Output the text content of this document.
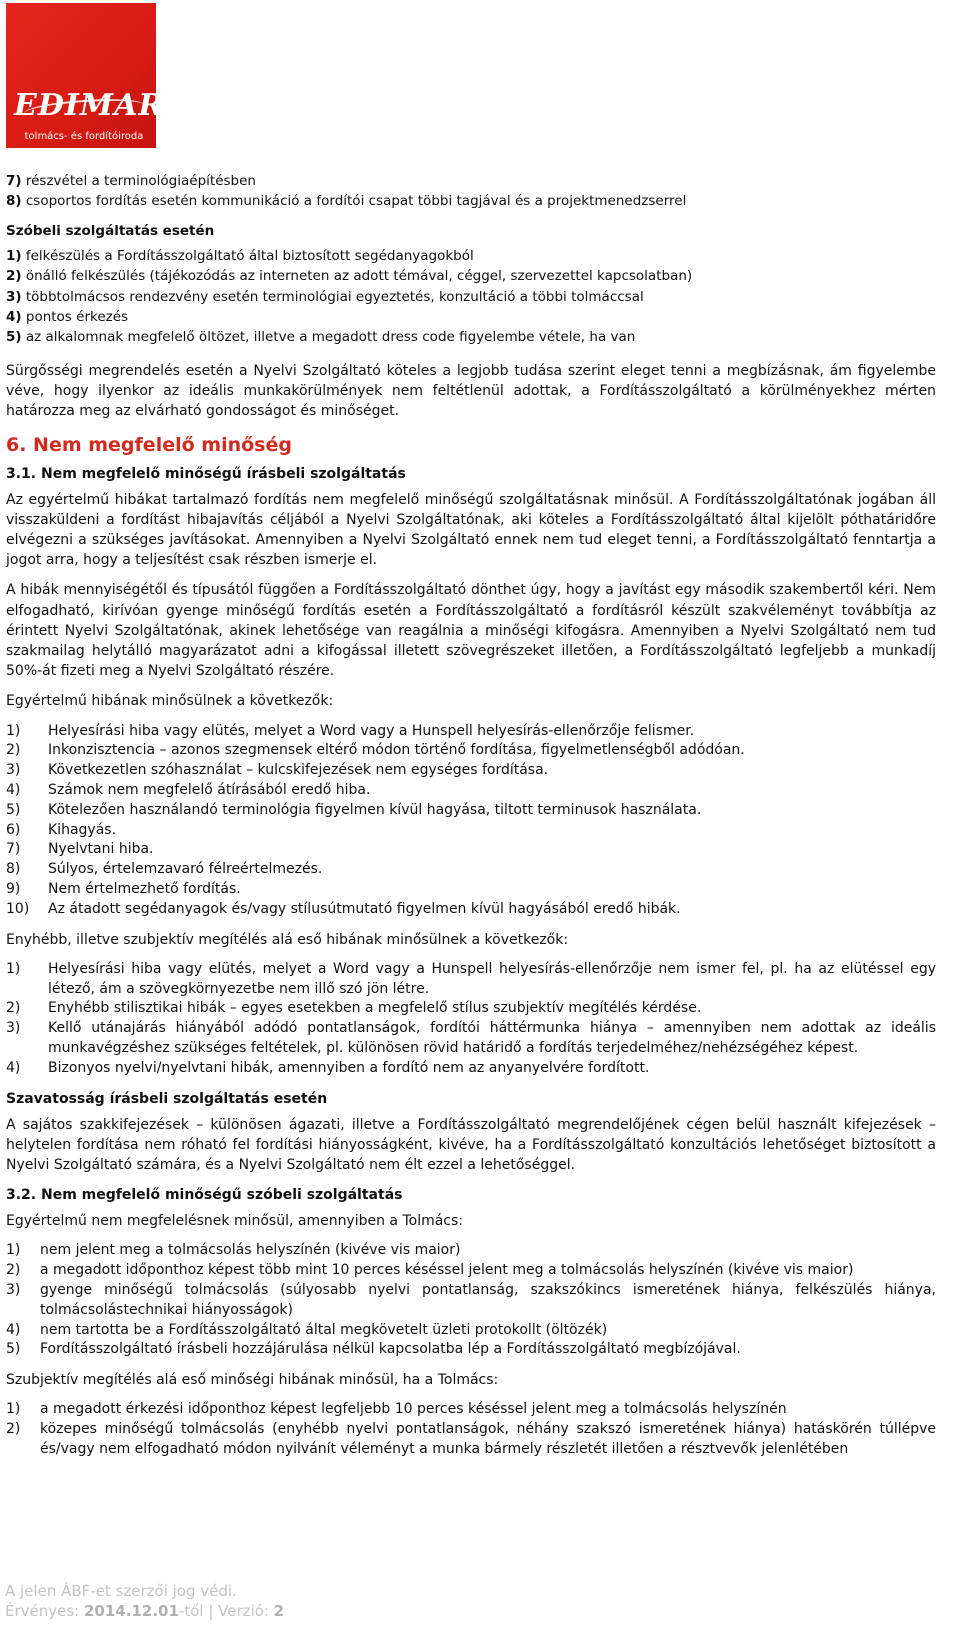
EDIMART
tolmács- és fordítóiroda

7) részvétel a terminológiaépítésben

8) csoportos fordítás esetén kommunikáció a fordítói csapat többi tagjával és a projektmenedzserrel

Szóbeli szolgáltatás esetén

1) felkészülés a Fordításszolgáltató által biztosított segédanyagokból

2) önálló felkészülés (tájékozódás az interneten az adott témával, céggel, szervezettel kapcsolatban)

3) többtolmácsos rendezvény esetén terminológiai egyeztetés, konzultáció a többi tolmáccsal

4) pontos érkezés

5) az alkalomnak megfelelő öltözet, illetve a megadott dress code figyelembe vétele, ha van

Sürgősségi megrendelés esetén a Nyelvi Szolgáltató köteles a legjobb tudása szerint eleget tenni a megbízásnak, ám figyelembe véve, hogy ilyenkor az ideális munkakörülmények nem feltétlenül adottak, a Fordításszolgáltató a körülményekhez mérten határozza meg az elvárható gondosságot és minőséget.

6. Nem megfelelő minőség

3.1. Nem megfelelő minőségű írásbeli szolgáltatás

Az egyértelmű hibákat tartalmazó fordítás nem megfelelő minőségű szolgáltatásnak minősül. A Fordításszolgáltatónak jogában áll visszaküldeni a fordítást hibajavítás céljából a Nyelvi Szolgáltatónak, aki köteles a Fordításszolgáltató által kijelölt póthatáridőre elvégezni a szükséges javításokat. Amennyiben a Nyelvi Szolgáltató ennek nem tud eleget tenni, a Fordításszolgáltató fenntartja a jogot arra, hogy a teljesítést csak részben ismerje el.

A hibák mennyiségétől és típusától függően a Fordításszolgáltató dönthet úgy, hogy a javítást egy második szakembertől kéri. Nem elfogadható, kirívóan gyenge minőségű fordítás esetén a Fordításszolgáltató a fordításról készült szakvéleményt továbbítja az érintett Nyelvi Szolgáltatónak, akinek lehetősége van reagálnia a minőségi kifogásra. Amennyiben a Nyelvi Szolgáltató nem tud szakmailag helytálló magyarázatot adni a kifogással illetett szövegrészeket illetően, a Fordításszolgáltató legfeljebb a munkadíj 50%-át fizeti meg a Nyelvi Szolgáltató részére.

Egyértelmű hibának minősülnek a következők:

1)	Helyesírási hiba vagy elütés, melyet a Word vagy a Hunspell helyesírás-ellenőrzője felismer.
2)	Inkonzisztencia – azonos szegmensek eltérő módon történő fordítása, figyelmetlenségből adódóan.
3)	Következetlen szóhasználat – kulcskifejezések nem egységes fordítása.
4)	Számok nem megfelelő átírásából eredő hiba.
5)	Kötelezően használandó terminológia figyelmen kívül hagyása, tiltott terminusok használata.
6)	Kihagyás.
7)	Nyelvtani hiba.
8)	Súlyos, értelemzavaró félreértelmezés.
9)	Nem értelmezhető fordítás.
10)	Az átadott segédanyagok és/vagy stílusútmutató figyelmen kívül hagyásából eredő hibák.

Enyhébb, illetve szubjektív megítélés alá eső hibának minősülnek a következők:

1)	Helyesírási hiba vagy elütés, melyet a Word vagy a Hunspell helyesírás-ellenőrzője nem ismer fel, pl. ha az elütéssel egy létező, ám a szövegkörnyezetbe nem illő szó jön létre.
2)	Enyhébb stilisztikai hibák – egyes esetekben a megfelelő stílus szubjektív megítélés kérdése.
3)	Kellő utánajárás hiányából adódó pontatlanságok, fordítói háttérmunka hiánya – amennyiben nem adottak az ideális munkavégzéshez szükséges feltételek, pl. különösen rövid határidő a fordítás terjedelméhez/nehézségéhez képest.
4)	Bizonyos nyelvi/nyelvtani hibák, amennyiben a fordító nem az anyanyelvére fordított.

Szavatosság írásbeli szolgáltatás esetén

A sajátos szakkifejezések – különösen ágazati, illetve a Fordításszolgáltató megrendelőjének cégen belül használt kifejezések – helytelen fordítása nem róható fel fordítási hiányosságként, kivéve, ha a Fordításszolgáltató konzultációs lehetőséget biztosított a Nyelvi Szolgáltató számára, és a Nyelvi Szolgáltató nem élt ezzel a lehetőséggel.

3.2. Nem megfelelő minőségű szóbeli szolgáltatás

Egyértelmű nem megfelelésnek minősül, amennyiben a Tolmács:

1)	nem jelent meg a tolmácsolás helyszínén (kivéve vis maior)
2)	a megadott időponthoz képest több mint 10 perces késéssel jelent meg a tolmácsolás helyszínén (kivéve vis maior)
3)	gyenge minőségű tolmácsolás (súlyosabb nyelvi pontatlanság, szakszókincs ismeretének hiánya, felkészülés hiánya, tolmácsolástechnikai hiányosságok)
4)	nem tartotta be a Fordításszolgáltató által megkövetelt üzleti protokollt (öltözék)
5)	Fordításszolgáltató írásbeli hozzájárulása nélkül kapcsolatba lép a Fordításszolgáltató megbízójával.

Szubjektív megítélés alá eső minőségi hibának minősül, ha a Tolmács:

1)	a megadott érkezési időponthoz képest legfeljebb 10 perces késéssel jelent meg a tolmácsolás helyszínén
2)	közepes minőségű tolmácsolás (enyhébb nyelvi pontatlanságok, néhány szakszó ismeretének hiánya) hatáskörén túllépve és/vagy nem elfogadható módon nyilvánít véleményt a munka bármely részletét illetően a résztvevők jelenlétében
A jelen ÁBF-et szerzői jog védi.
Érvényes: 2014.12.01-től | Verzió: 2
